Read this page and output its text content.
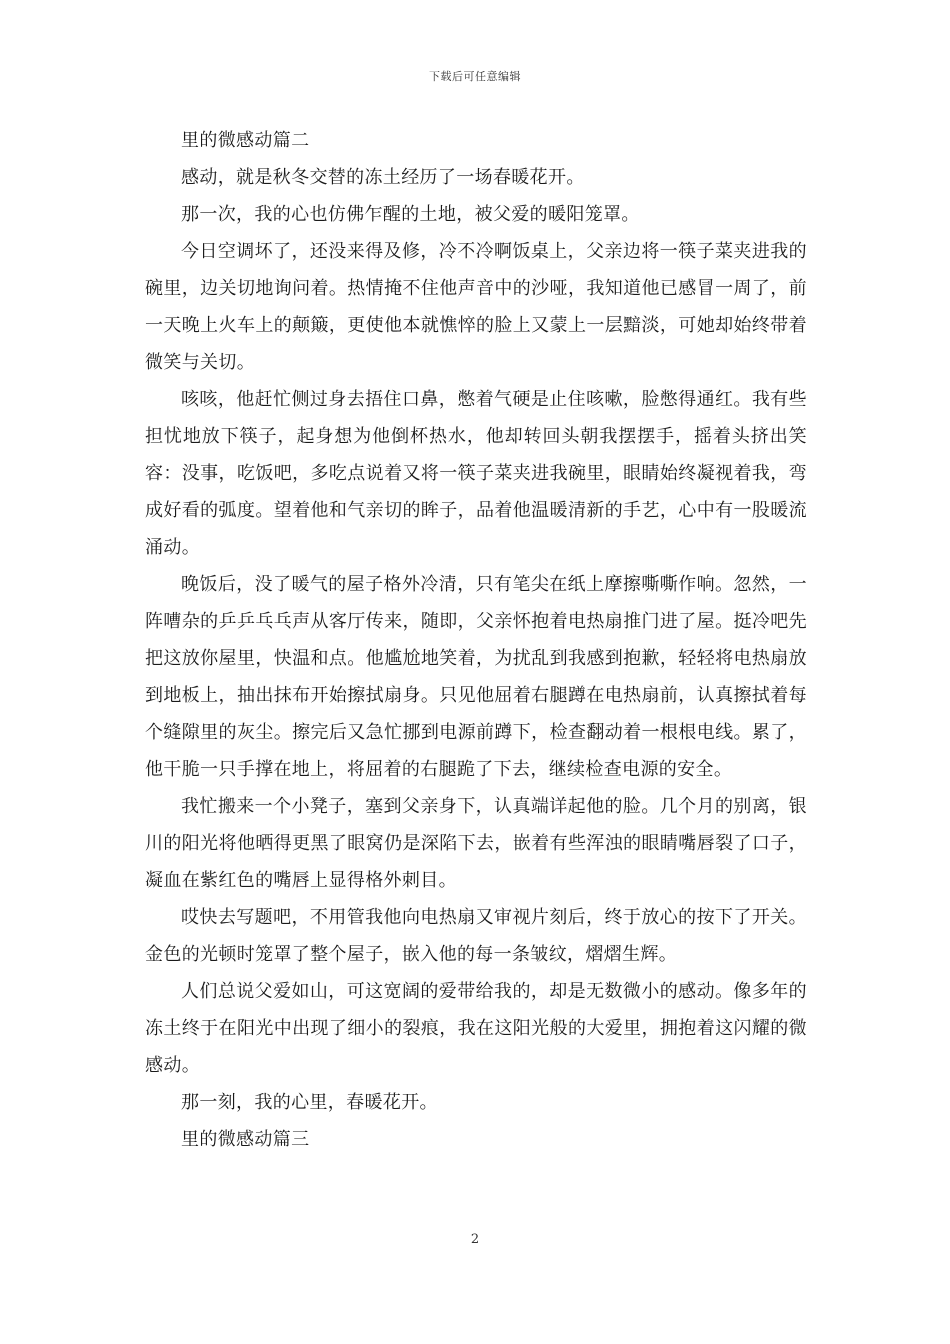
下载后可任意编辑

里的微感动篇二

感动，就是秋冬交替的冻土经历了一场春暖花开。

那一次，我的心也仿佛乍醒的土地，被父爱的暖阳笼罩。

今日空调坏了，还没来得及修，冷不冷啊饭桌上，父亲边将一筷子菜夹进我的碗里，边关切地询问着。热情掩不住他声音中的沙哑，我知道他已感冒一周了，前一天晚上火车上的颠簸，更使他本就憔悴的脸上又蒙上一层黯淡，可她却始终带着微笑与关切。

咳咳，他赶忙侧过身去捂住口鼻，憋着气硬是止住咳嗽，脸憋得通红。我有些担忧地放下筷子，起身想为他倒杯热水，他却转回头朝我摆摆手，摇着头挤出笑容：没事，吃饭吧，多吃点说着又将一筷子菜夹进我碗里，眼睛始终凝视着我，弯成好看的弧度。望着他和气亲切的眸子，品着他温暖清新的手艺，心中有一股暖流涌动。

晚饭后，没了暖气的屋子格外冷清，只有笔尖在纸上摩擦嘶嘶作响。忽然，一阵嘈杂的乒乒乓乓声从客厅传来，随即，父亲怀抱着电热扇推门进了屋。挺冷吧先把这放你屋里，快温和点。他尴尬地笑着，为扰乱到我感到抱歉，轻轻将电热扇放到地板上，抽出抹布开始擦拭扇身。只见他屈着右腿蹲在电热扇前，认真擦拭着每个缝隙里的灰尘。擦完后又急忙挪到电源前蹲下，检查翻动着一根根电线。累了，他干脆一只手撑在地上，将屈着的右腿跪了下去，继续检查电源的安全。

我忙搬来一个小凳子，塞到父亲身下，认真端详起他的脸。几个月的别离，银川的阳光将他晒得更黑了眼窝仍是深陷下去，嵌着有些浑浊的眼睛嘴唇裂了口子，凝血在紫红色的嘴唇上显得格外刺目。

哎快去写题吧，不用管我他向电热扇又审视片刻后，终于放心的按下了开关。金色的光顿时笼罩了整个屋子，嵌入他的每一条皱纹，熠熠生辉。

人们总说父爱如山，可这宽阔的爱带给我的，却是无数微小的感动。像多年的冻土终于在阳光中出现了细小的裂痕，我在这阳光般的大爱里，拥抱着这闪耀的微感动。

那一刻，我的心里，春暖花开。

里的微感动篇三

2
